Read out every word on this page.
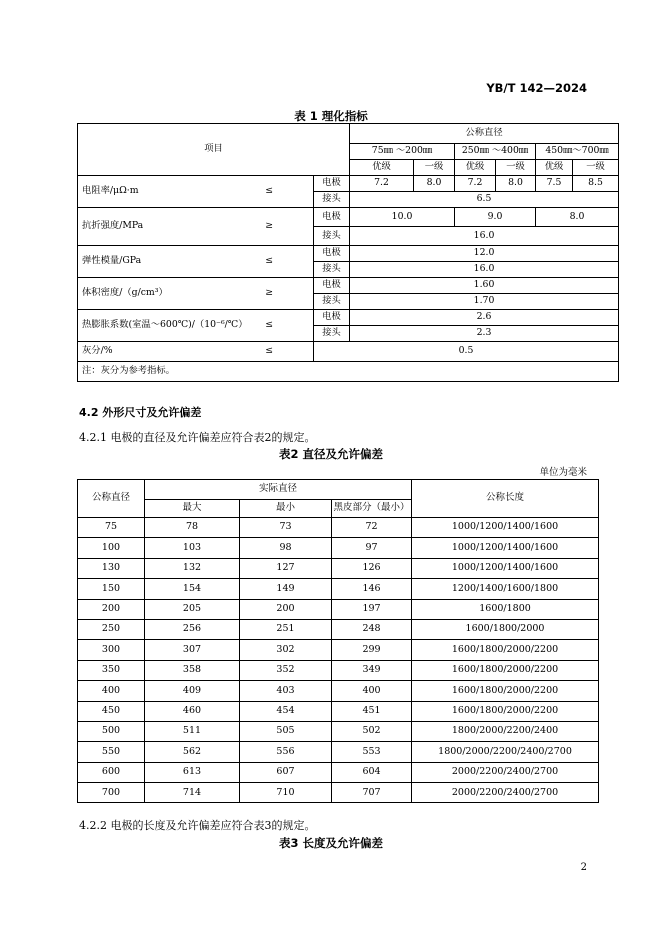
YB/T 142—2024
表 1 理化指标
项目		公称直径					
		75㎜ ～200㎜		250㎜ ～400㎜		450㎜～700㎜	
		优级	一级	优级	一级	优级	一级
电阻率/μΩ·m ≤	电极	7.2	8.0	7.2	8.0	7.5	8.5
	接头	6.5					
抗折强度/MPa ≥	电极	10.0		9.0		8.0	
	接头	16.0					
弹性模量/GPa ≤	电极	12.0					
	接头	16.0					
体积密度/（g/cm³） ≥	电极	1.60					
	接头	1.70					
热膨胀系数(室温～600℃)/（10⁻⁶/℃） ≤	电极	2.6					
	接头	2.3					
灰分/% ≤	0.5						
注：灰分为参考指标。							
4.2 外形尺寸及允许偏差
4.2.1 电极的直径及允许偏差应符合表2的规定。
表2 直径及允许偏差
单位为毫米
公称直径	实际直径			公称长度
	最大	最小	黑皮部分（最小）	
75	78	73	72	1000/1200/1400/1600
100	103	98	97	1000/1200/1400/1600
130	132	127	126	1000/1200/1400/1600
150	154	149	146	1200/1400/1600/1800
200	205	200	197	1600/1800
250	256	251	248	1600/1800/2000
300	307	302	299	1600/1800/2000/2200
350	358	352	349	1600/1800/2000/2200
400	409	403	400	1600/1800/2000/2200
450	460	454	451	1600/1800/2000/2200
500	511	505	502	1800/2000/2200/2400
550	562	556	553	1800/2000/2200/2400/2700
600	613	607	604	2000/2200/2400/2700
700	714	710	707	2000/2200/2400/2700
4.2.2 电极的长度及允许偏差应符合表3的规定。
表3 长度及允许偏差
2
